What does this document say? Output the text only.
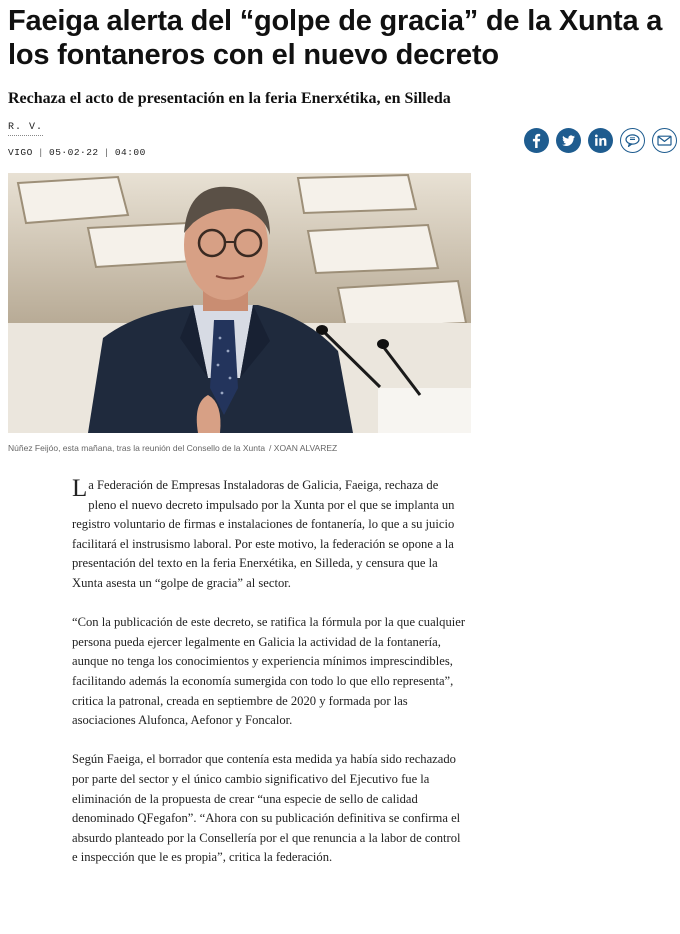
Faeiga alerta del “golpe de gracia” de la Xunta a los fontaneros con el nuevo decreto
Rechaza el acto de presentación en la feria Enerxétika, en Silleda
R. V.
VIGO | 05·02·22 | 04:00
Núñez Feijóo, esta mañana, tras la reunión del Consello de la Xunta / XOAN ALVAREZ

La Federación de Empresas Instaladoras de Galicia, Faeiga, rechaza de pleno el nuevo decreto impulsado por la Xunta por el que se implanta un registro voluntario de firmas e instalaciones de fontanería, lo que a su juicio facilitará el instrusismo laboral. Por este motivo, la federación se opone a la presentación del texto en la feria Enerxétika, en Silleda, y censura que la Xunta asesta un “golpe de gracia” al sector.

“Con la publicación de este decreto, se ratifica la fórmula por la que cualquier persona pueda ejercer legalmente en Galicia la actividad de la fontanería, aunque no tenga los conocimientos y experiencia mínimos imprescindibles, facilitando además la economía sumergida con todo lo que ello representa”, critica la patronal, creada en septiembre de 2020 y formada por las asociaciones Alufonca, Aefonor y Foncalor.

Según Faeiga, el borrador que contenía esta medida ya había sido rechazado por parte del sector y el único cambio significativo del Ejecutivo fue la eliminación de la propuesta de crear “una especie de sello de calidad denominado QFegafon”. “Ahora con su publicación definitiva se confirma el absurdo planteado por la Consellería por el que renuncia a la labor de control e inspección que le es propia”, critica la federación.
